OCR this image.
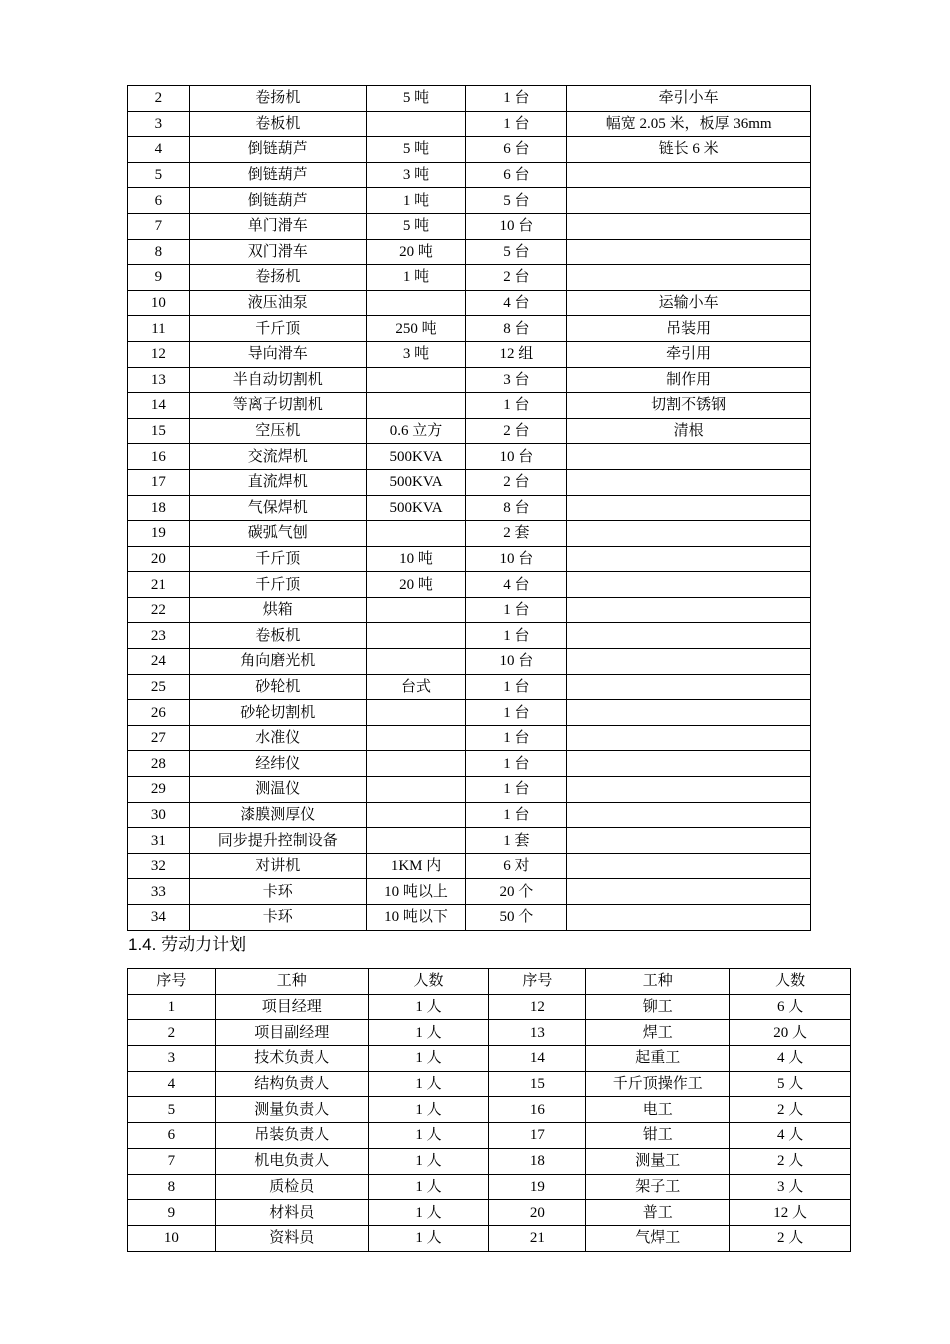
2	卷扬机	5 吨	1 台	牵引小车
3	卷板机		1 台	幅宽 2.05 米，板厚 36mm
4	倒链葫芦	5 吨	6 台	链长 6 米
5	倒链葫芦	3 吨	6 台	
6	倒链葫芦	1 吨	5 台	
7	单门滑车	5 吨	10 台	
8	双门滑车	20 吨	5 台	
9	卷扬机	1 吨	2 台	
10	液压油泵		4 台	运输小车
11	千斤顶	250 吨	8 台	吊装用
12	导向滑车	3 吨	12 组	牵引用
13	半自动切割机		3 台	制作用
14	等离子切割机		1 台	切割不锈钢
15	空压机	0.6 立方	2 台	清根
16	交流焊机	500KVA	10 台	
17	直流焊机	500KVA	2 台	
18	气保焊机	500KVA	8 台	
19	碳弧气刨		2 套	
20	千斤顶	10 吨	10 台	
21	千斤顶	20 吨	4 台	
22	烘箱		1 台	
23	卷板机		1 台	
24	角向磨光机		10 台	
25	砂轮机	台式	1 台	
26	砂轮切割机		1 台	
27	水准仪		1 台	
28	经纬仪		1 台	
29	测温仪		1 台	
30	漆膜测厚仪		1 台	
31	同步提升控制设备		1 套	
32	对讲机	1KM 内	6 对	
33	卡环	10 吨以上	20 个	
34	卡环	10 吨以下	50 个	
1.4. 劳动力计划
序号	工种	人数	序号	工种	人数
1	项目经理	1 人	12	铆工	6 人
2	项目副经理	1 人	13	焊工	20 人
3	技术负责人	1 人	14	起重工	4 人
4	结构负责人	1 人	15	千斤顶操作工	5 人
5	测量负责人	1 人	16	电工	2 人
6	吊装负责人	1 人	17	钳工	4 人
7	机电负责人	1 人	18	测量工	2 人
8	质检员	1 人	19	架子工	3 人
9	材料员	1 人	20	普工	12 人
10	资料员	1 人	21	气焊工	2 人
